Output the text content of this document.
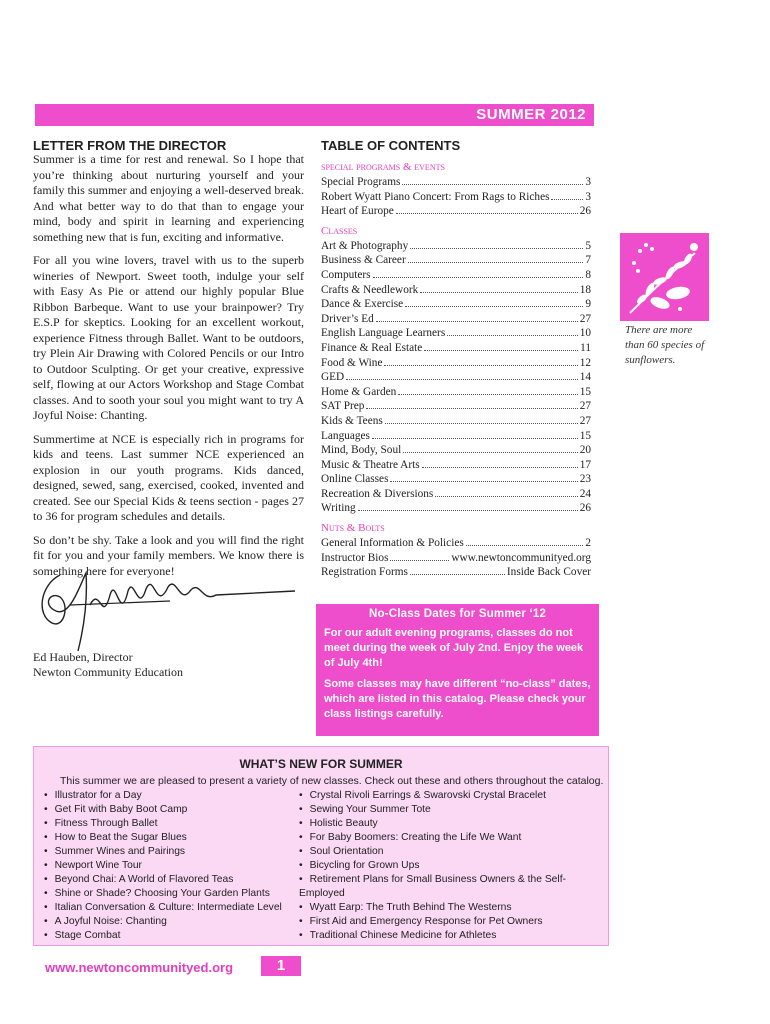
SUMMER 2012
LETTER FROM THE DIRECTOR

Summer is a time for rest and renewal. So I hope that you’re thinking about nurturing yourself and your family this summer and enjoying a well-deserved break. And what better way to do that than to engage your mind, body and spirit in learning and experiencing something new that is fun, exciting and informative.

For all you wine lovers, travel with us to the superb wineries of Newport. Sweet tooth, indulge your self with Easy As Pie or attend our highly popular Blue Ribbon Barbeque. Want to use your brainpower? Try E.S.P for skeptics. Looking for an excellent workout, experience Fitness through Ballet. Want to be outdoors, try Plein Air Drawing with Colored Pencils or our Intro to Outdoor Sculpting. Or get your creative, expressive self, flowing at our Actors Workshop and Stage Combat classes. And to sooth your soul you might want to try A Joyful Noise: Chanting.

Summertime at NCE is especially rich in programs for kids and teens. Last summer NCE experienced an explosion in our youth programs. Kids danced, designed, sewed, sang, exercised, cooked, invented and created. See our Special Kids & teens section - pages 27 to 36 for program schedules and details.

So don’t be shy. Take a look and you will find the right fit for you and your family members. We know there is something here for everyone!

Ed Hauben, Director
Newton Community Education
TABLE OF CONTENTS
special programs & events
Special Programs	3
Robert Wyatt Piano Concert: From Rags to Riches	3
Heart of Europe	26
Classes
Art & Photography	5
Business & Career	7
Computers	8
Crafts & Needlework	18
Dance & Exercise	9
Driver’s Ed	27
English Language Learners	10
Finance & Real Estate	11
Food & Wine	12
GED	14
Home & Garden	15
SAT Prep	27
Kids & Teens	27
Languages	15
Mind, Body, Soul	20
Music & Theatre Arts	17
Online Classes	23
Recreation & Diversions	24
Writing	26
Nuts & Bolts
General Information & Policies	2
Instructor Bios	www.newtoncommunityed.org
Registration Forms	Inside Back Cover
There are more than 60 species of sunflowers.
No-Class Dates for Summer ‘12

For our adult evening programs, classes do not meet during the week of July 2nd. Enjoy the week of July 4th!

Some classes may have different “no-class” dates, which are listed in this catalog. Please check your class listings carefully.

WHAT’S NEW FOR SUMMER
This summer we are pleased to present a variety of new classes. Check out these and others throughout the catalog.
• Illustrator for a Day
• Get Fit with Baby Boot Camp
• Fitness Through Ballet
• How to Beat the Sugar Blues
• Summer Wines and Pairings
• Newport Wine Tour
• Beyond Chai: A World of Flavored Teas
• Shine or Shade? Choosing Your Garden Plants
• Italian Conversation & Culture: Intermediate Level
• A Joyful Noise: Chanting
• Stage Combat
• Crystal Rivoli Earrings & Swarovski Crystal Bracelet
• Sewing Your Summer Tote
• Holistic Beauty
• For Baby Boomers: Creating the Life We Want
• Soul Orientation
• Bicycling for Grown Ups
• Retirement Plans for Small Business Owners & the Self-Employed
• Wyatt Earp: The Truth Behind The Westerns
• First Aid and Emergency Response for Pet Owners
• Traditional Chinese Medicine for Athletes
www.newtoncommunityed.org	1
